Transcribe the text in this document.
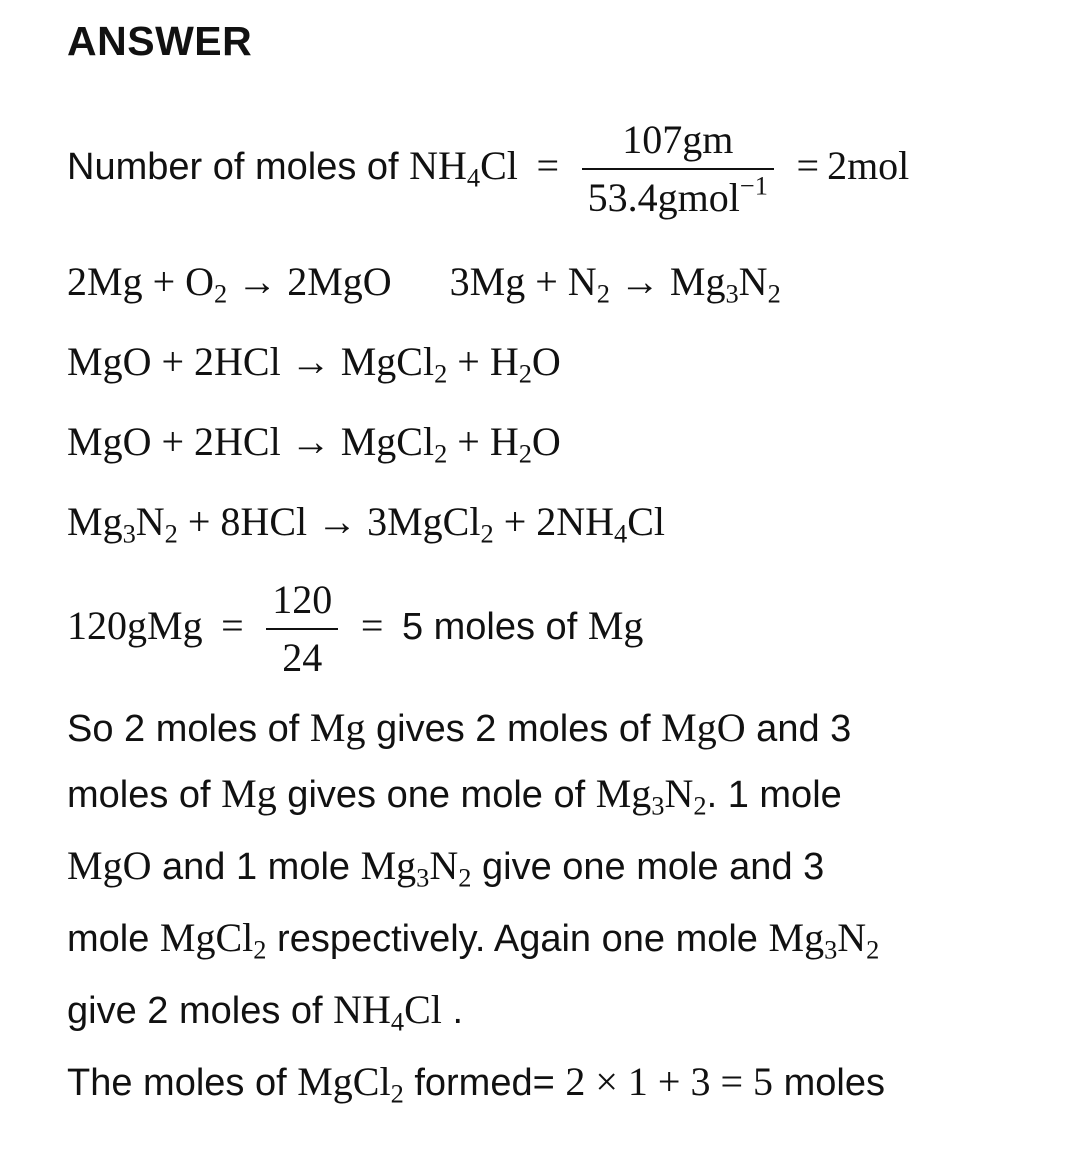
ANSWER
Number of moles of $NH_4Cl = \frac{107gm}{53.4gmol^{-1}} = 2mol$
$2Mg + O_2 \to 2MgO$ $3Mg + N_2 \to Mg_3N_2$
MgO + 2HCl → MgCl$_2$ + $H_2O$
MgO + 2HCl → MgCl$_2$ + $H_2O$
$Mg_3N_2 + 8HCl$ → 3MgCl$_2$ + $2NH_4Cl$
$120gMg = \frac{120}{24} = 5$ moles of Mg
So 2 moles of Mg gives 2 moles of MgO and 3
moles of Mg gives one mole of $Mg_3N_2$. 1 mole
MgO and 1 mole $Mg_3N_2$ give one mole and 3
mole MgCl$_2$ respectively. Again one mole $Mg_3N_2$
give 2 moles of $NH_4Cl$ .
The moles of MgCl$_2$ formed= 2 × 1 + 3 = 5 moles
